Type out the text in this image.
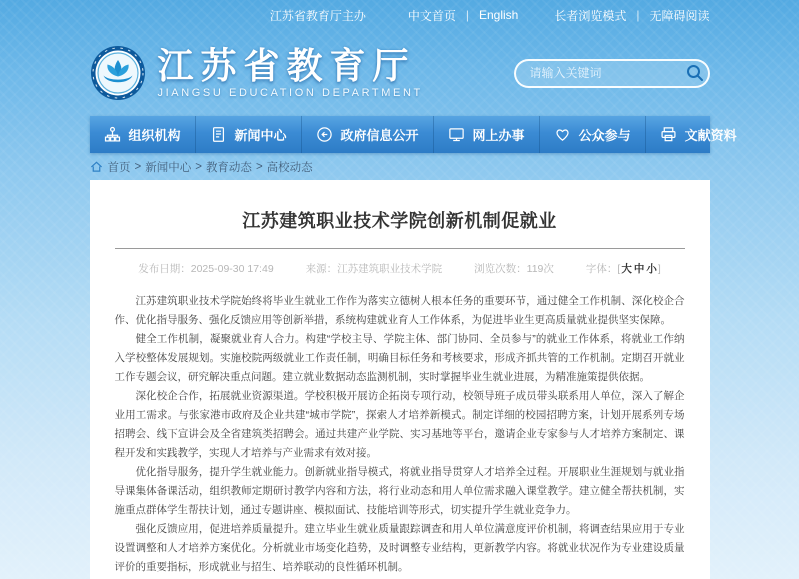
江苏省教育厅主办	中文首页 | English	长者浏览模式 | 无障碍阅读
江苏省教育厅
JIANGSU EDUCATION DEPARTMENT
请输入关键词
组织机构	新闻中心	政府信息公开	网上办事	公众参与	文献资料
首页 > 新闻中心 > 教育动态 > 高校动态
江苏建筑职业技术学院创新机制促就业
发布日期：2025-09-30 17:49	来源：江苏建筑职业技术学院	浏览次数：119次	字体：[大 中 小]

江苏建筑职业技术学院始终将毕业生就业工作作为落实立德树人根本任务的重要环节，通过健全工作机制、深化校企合作、优化指导服务、强化反馈应用等创新举措，系统构建就业育人工作体系，为促进毕业生更高质量就业提供坚实保障。

健全工作机制，凝聚就业育人合力。构建“学校主导、学院主体、部门协同、全员参与”的就业工作体系，将就业工作纳入学校整体发展规划。实施校院两级就业工作责任制，明确目标任务和考核要求，形成齐抓共管的工作机制。定期召开就业工作专题会议，研究解决重点问题。建立就业数据动态监测机制，实时掌握毕业生就业进展，为精准施策提供依据。

深化校企合作，拓展就业资源渠道。学校积极开展访企拓岗专项行动，校领导班子成员带头联系用人单位，深入了解企业用工需求。与张家港市政府及企业共建“城市学院”，探索人才培养新模式。制定详细的校园招聘方案，计划开展系列专场招聘会、线下宣讲会及全省建筑类招聘会。通过共建产业学院、实习基地等平台，邀请企业专家参与人才培养方案制定、课程开发和实践教学，实现人才培养与产业需求有效对接。

优化指导服务，提升学生就业能力。创新就业指导模式，将就业指导贯穿人才培养全过程。开展职业生涯规划与就业指导课集体备课活动，组织教师定期研讨教学内容和方法，将行业动态和用人单位需求融入课堂教学。建立健全帮扶机制，实施重点群体学生帮扶计划，通过专题讲座、模拟面试、技能培训等形式，切实提升学生就业竞争力。

强化反馈应用，促进培养质量提升。建立毕业生就业质量跟踪调查和用人单位满意度评价机制，将调查结果应用于专业设置调整和人才培养方案优化。分析就业市场变化趋势，及时调整专业结构，更新教学内容。将就业状况作为专业建设质量评价的重要指标，形成就业与招生、培养联动的良性循环机制。
